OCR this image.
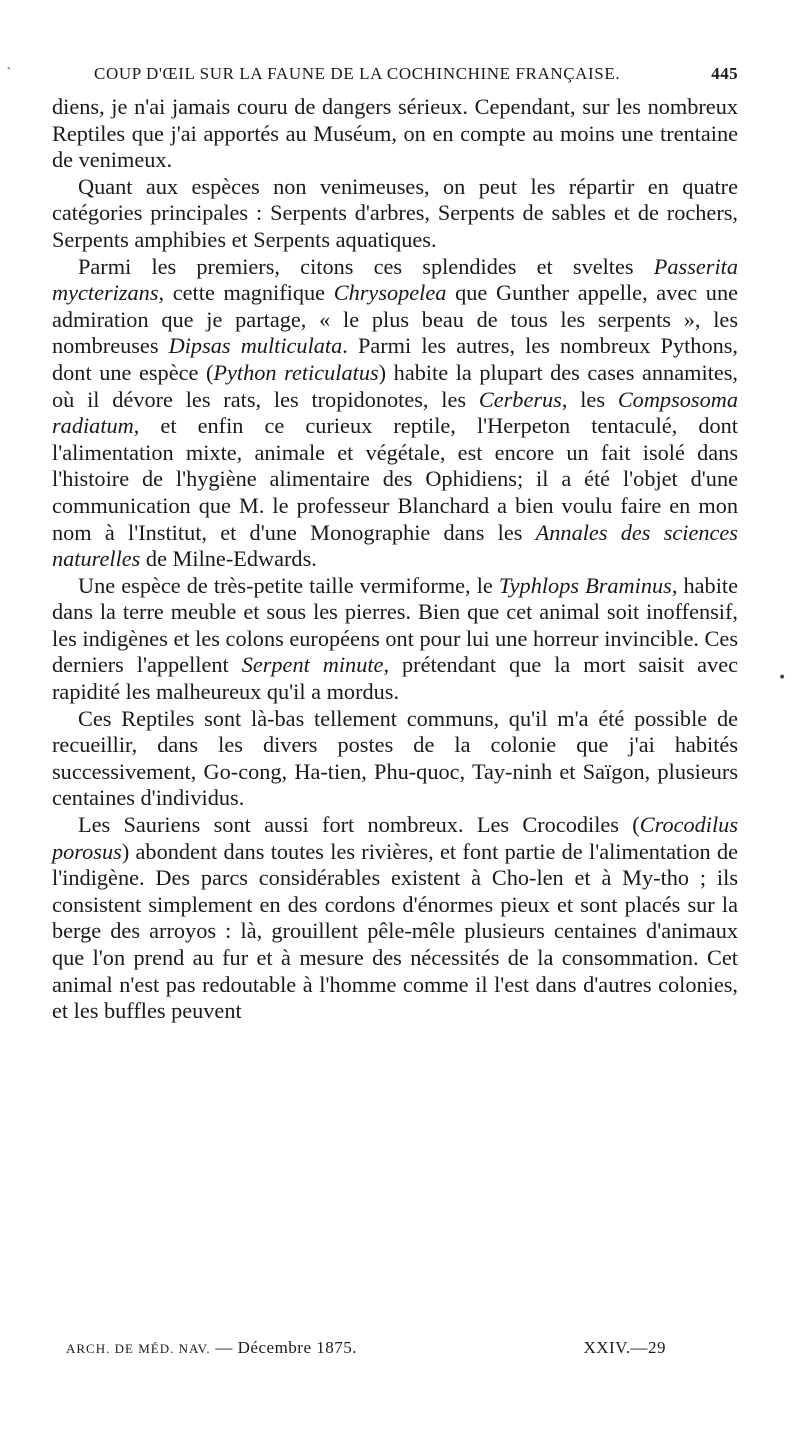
`
•
COUP D'ŒIL SUR LA FAUNE DE LA COCHINCHINE FRANÇAISE.	445

diens, je n'ai jamais couru de dangers sérieux. Cependant, sur les nombreux Reptiles que j'ai apportés au Muséum, on en compte au moins une trentaine de venimeux.

Quant aux espèces non venimeuses, on peut les répartir en quatre catégories principales : Serpents d'arbres, Serpents de sables et de rochers, Serpents amphibies et Serpents aquatiques.

Parmi les premiers, citons ces splendides et sveltes Passerita mycterizans, cette magnifique Chrysopelea que Gunther appelle, avec une admiration que je partage, « le plus beau de tous les serpents », les nombreuses Dipsas multiculata. Parmi les autres, les nombreux Pythons, dont une espèce (Python reticulatus) habite la plupart des cases annamites, où il dévore les rats, les tropidonotes, les Cerberus, les Compsosoma radiatum, et enfin ce curieux reptile, l'Herpeton tentaculé, dont l'alimentation mixte, animale et végétale, est encore un fait isolé dans l'histoire de l'hygiène alimentaire des Ophidiens; il a été l'objet d'une communication que M. le professeur Blanchard a bien voulu faire en mon nom à l'Institut, et d'une Monographie dans les Annales des sciences naturelles de Milne-Edwards.

Une espèce de très-petite taille vermiforme, le Typhlops Braminus, habite dans la terre meuble et sous les pierres. Bien que cet animal soit inoffensif, les indigènes et les colons européens ont pour lui une horreur invincible. Ces derniers l'appellent Serpent minute, prétendant que la mort saisit avec rapidité les malheureux qu'il a mordus.

Ces Reptiles sont là-bas tellement communs, qu'il m'a été possible de recueillir, dans les divers postes de la colonie que j'ai habités successivement, Go-cong, Ha-tien, Phu-quoc, Tay-ninh et Saïgon, plusieurs centaines d'individus.

Les Sauriens sont aussi fort nombreux. Les Crocodiles (Crocodilus porosus) abondent dans toutes les rivières, et font partie de l'alimentation de l'indigène. Des parcs considérables existent à Cho-len et à My-tho ; ils consistent simplement en des cordons d'énormes pieux et sont placés sur la berge des arroyos : là, grouillent pêle-mêle plusieurs centaines d'animaux que l'on prend au fur et à mesure des nécessités de la consommation. Cet animal n'est pas redoutable à l'homme comme il l'est dans d'autres colonies, et les buffles peuvent

ARCH. DE MÉD. NAV. — Décembre 1875.	XXIV.—29
